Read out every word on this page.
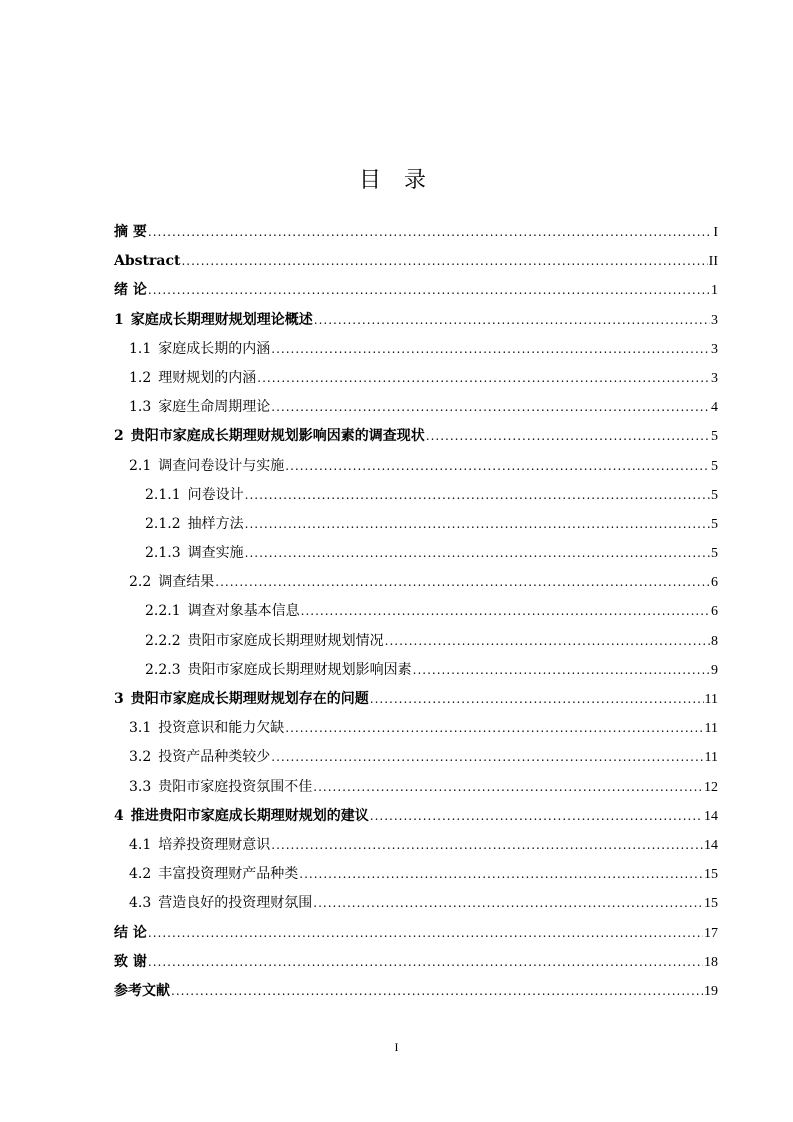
目 录
摘 要 .....	I
Abstract .....	II
绪 论 .....	1
1 家庭成长期理财规划理论概述 .....	3
1.1 家庭成长期的内涵 .....	3
1.2 理财规划的内涵 .....	3
1.3 家庭生命周期理论 .....	4
2 贵阳市家庭成长期理财规划影响因素的调查现状 .....	5
2.1 调查问卷设计与实施 .....	5
2.1.1 问卷设计 .....	5
2.1.2 抽样方法 .....	5
2.1.3 调查实施 .....	5
2.2 调查结果 .....	6
2.2.1 调查对象基本信息 .....	6
2.2.2 贵阳市家庭成长期理财规划情况 .....	8
2.2.3 贵阳市家庭成长期理财规划影响因素 .....	9
3 贵阳市家庭成长期理财规划存在的问题 .....	11
3.1 投资意识和能力欠缺 .....	11
3.2 投资产品种类较少 .....	11
3.3 贵阳市家庭投资氛围不佳 .....	12
4 推进贵阳市家庭成长期理财规划的建议 .....	14
4.1 培养投资理财意识 .....	14
4.2 丰富投资理财产品种类 .....	15
4.3 营造良好的投资理财氛围 .....	15
结 论 .....	17
致 谢 .....	18
参考文献 .....	19
I
